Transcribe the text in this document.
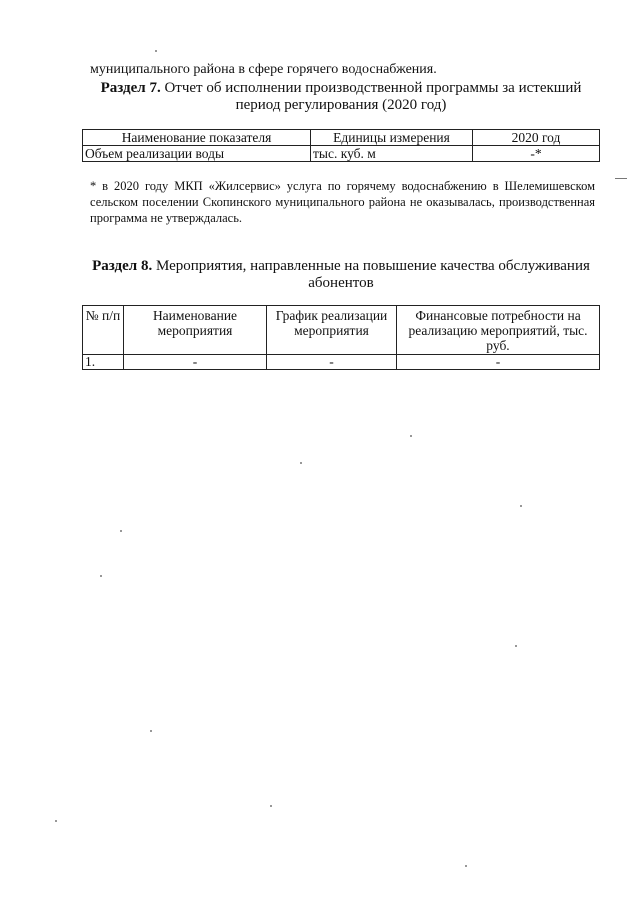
муниципального района в сфере горячего водоснабжения.
Раздел 7. Отчет об исполнении производственной программы за истекший
период регулирования (2020 год)
Наименование показателя	Единицы измерения	2020 год
Объем реализации воды	тыс. куб. м	-*
* в 2020 году МКП «Жилсервис» услуга по горячему водоснабжению в Шелемишевском сельском поселении Скопинского муниципального района не оказывалась, производственная программа не утверждалась.
Раздел 8. Мероприятия, направленные на повышение качества обслуживания
абонентов
№ п/п	Наименование мероприятия	График реализации мероприятия	Финансовые потребности на реализацию мероприятий, тыс. руб.
1.	-	-	-
